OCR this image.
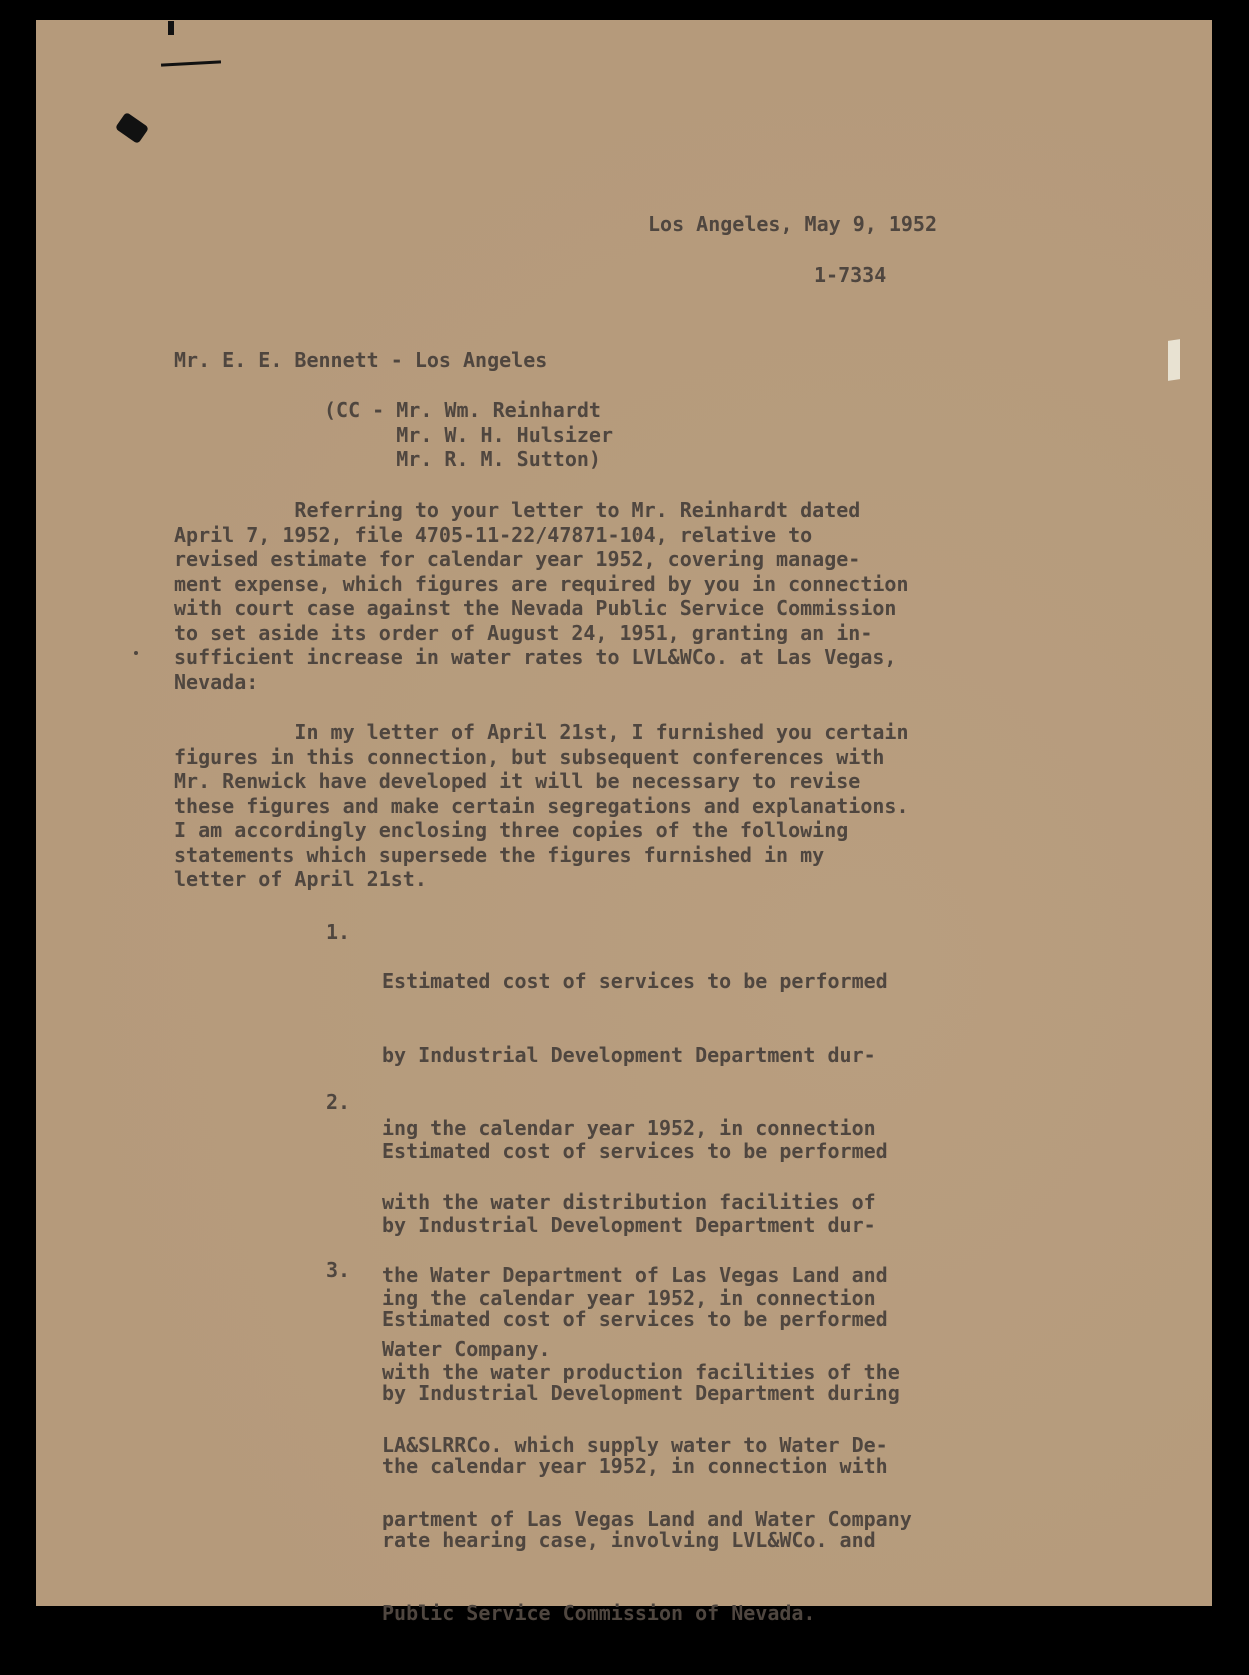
Los Angeles, May 9, 1952
1-7334
Mr. E. E. Bennett - Los Angeles
(CC - Mr. Wm. Reinhardt
Mr. W. H. Hulsizer
Mr. R. M. Sutton)
Referring to your letter to Mr. Reinhardt dated
April 7, 1952, file 4705-11-22/47871-104, relative to
revised estimate for calendar year 1952, covering manage-
ment expense, which figures are required by you in connection
with court case against the Nevada Public Service Commission
to set aside its order of August 24, 1951, granting an in-
sufficient increase in water rates to LVL&WCo. at Las Vegas,
Nevada:
In my letter of April 21st, I furnished you certain
figures in this connection, but subsequent conferences with
Mr. Renwick have developed it will be necessary to revise
these figures and make certain segregations and explanations.
I am accordingly enclosing three copies of the following
statements which supersede the figures furnished in my
letter of April 21st.
1.

Estimated cost of services to be performed

by Industrial Development Department dur-

ing the calendar year 1952, in connection

with the water distribution facilities of

the Water Department of Las Vegas Land and

Water Company.

2.

Estimated cost of services to be performed

by Industrial Development Department dur-

ing the calendar year 1952, in connection

with the water production facilities of the

LA&SLRRCo. which supply water to Water De-

partment of Las Vegas Land and Water Company

3.

Estimated cost of services to be performed

by Industrial Development Department during

the calendar year 1952, in connection with

rate hearing case, involving LVL&WCo. and

Public Service Commission of Nevada.
